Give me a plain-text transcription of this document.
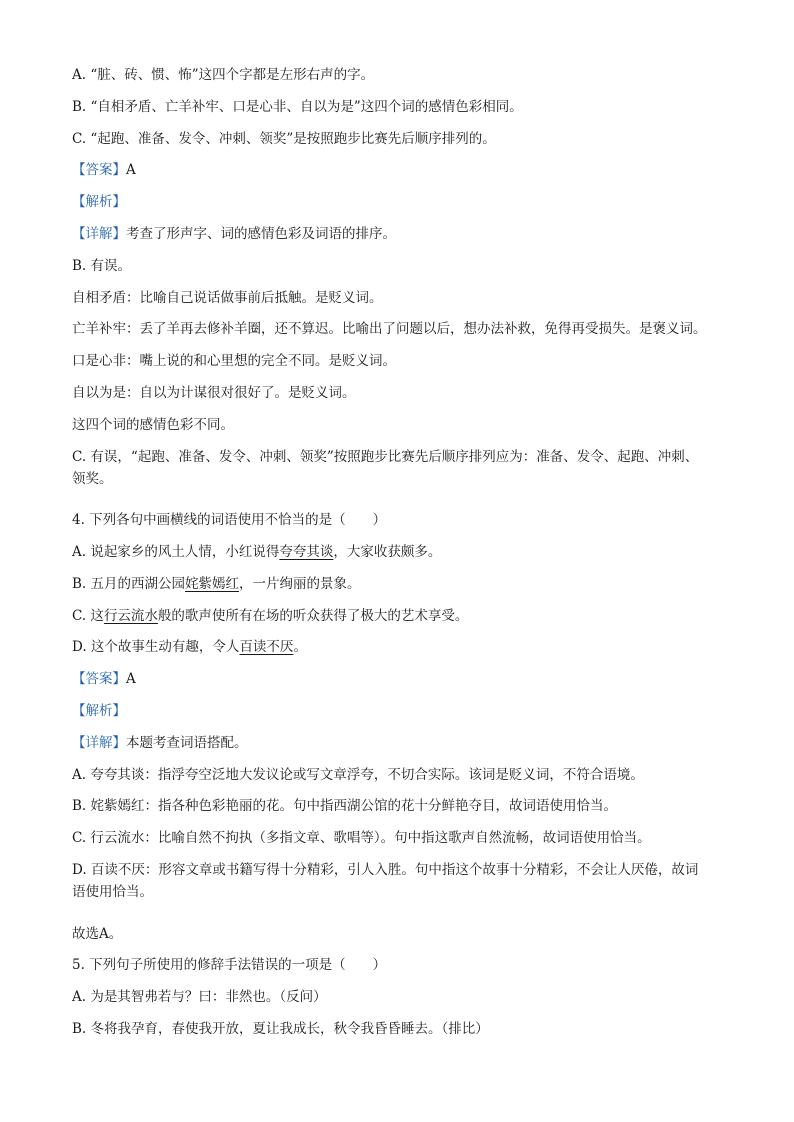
A. “脏、砖、惯、怖”这四个字都是左形右声的字。
B. “自相矛盾、亡羊补牢、口是心非、自以为是”这四个词的感情色彩相同。
C. “起跑、准备、发令、冲刺、领奖”是按照跑步比赛先后顺序排列的。
【答案】A
【解析】
【详解】考查了形声字、词的感情色彩及词语的排序。
B. 有误。
自相矛盾：比喻自己说话做事前后抵触。是贬义词。
亡羊补牢：丢了羊再去修补羊圈，还不算迟。比喻出了问题以后，想办法补救，免得再受损失。是褒义词。
口是心非：嘴上说的和心里想的完全不同。是贬义词。
自以为是：自以为计谋很对很好了。是贬义词。
这四个词的感情色彩不同。
C. 有误，“起跑、准备、发令、冲刺、领奖”按照跑步比赛先后顺序排列应为：准备、发令、起跑、冲刺、
领奖。
4. 下列各句中画横线的词语使用不恰当的是（　　）
A. 说起家乡的风土人情，小红说得夸夸其谈，大家收获颇多。
B. 五月的西湖公园姹紫嫣红，一片绚丽的景象。
C. 这行云流水般的歌声使所有在场的听众获得了极大的艺术享受。
D. 这个故事生动有趣，令人百读不厌。
【答案】A
【解析】
【详解】本题考查词语搭配。
A. 夸夸其谈：指浮夸空泛地大发议论或写文章浮夸，不切合实际。该词是贬义词，不符合语境。
B. 姹紫嫣红：指各种色彩艳丽的花。句中指西湖公馆的花十分鲜艳夺目，故词语使用恰当。
C. 行云流水：比喻自然不拘执（多指文章、歌唱等）。句中指这歌声自然流畅，故词语使用恰当。
D. 百读不厌：形容文章或书籍写得十分精彩，引人入胜。句中指这个故事十分精彩，不会让人厌倦，故词
语使用恰当。
故选A。
5. 下列句子所使用的修辞手法错误的一项是（　　）
A. 为是其智弗若与？曰：非然也。（反问）
B. 冬将我孕育，春使我开放，夏让我成长，秋令我昏昏睡去。（排比）
